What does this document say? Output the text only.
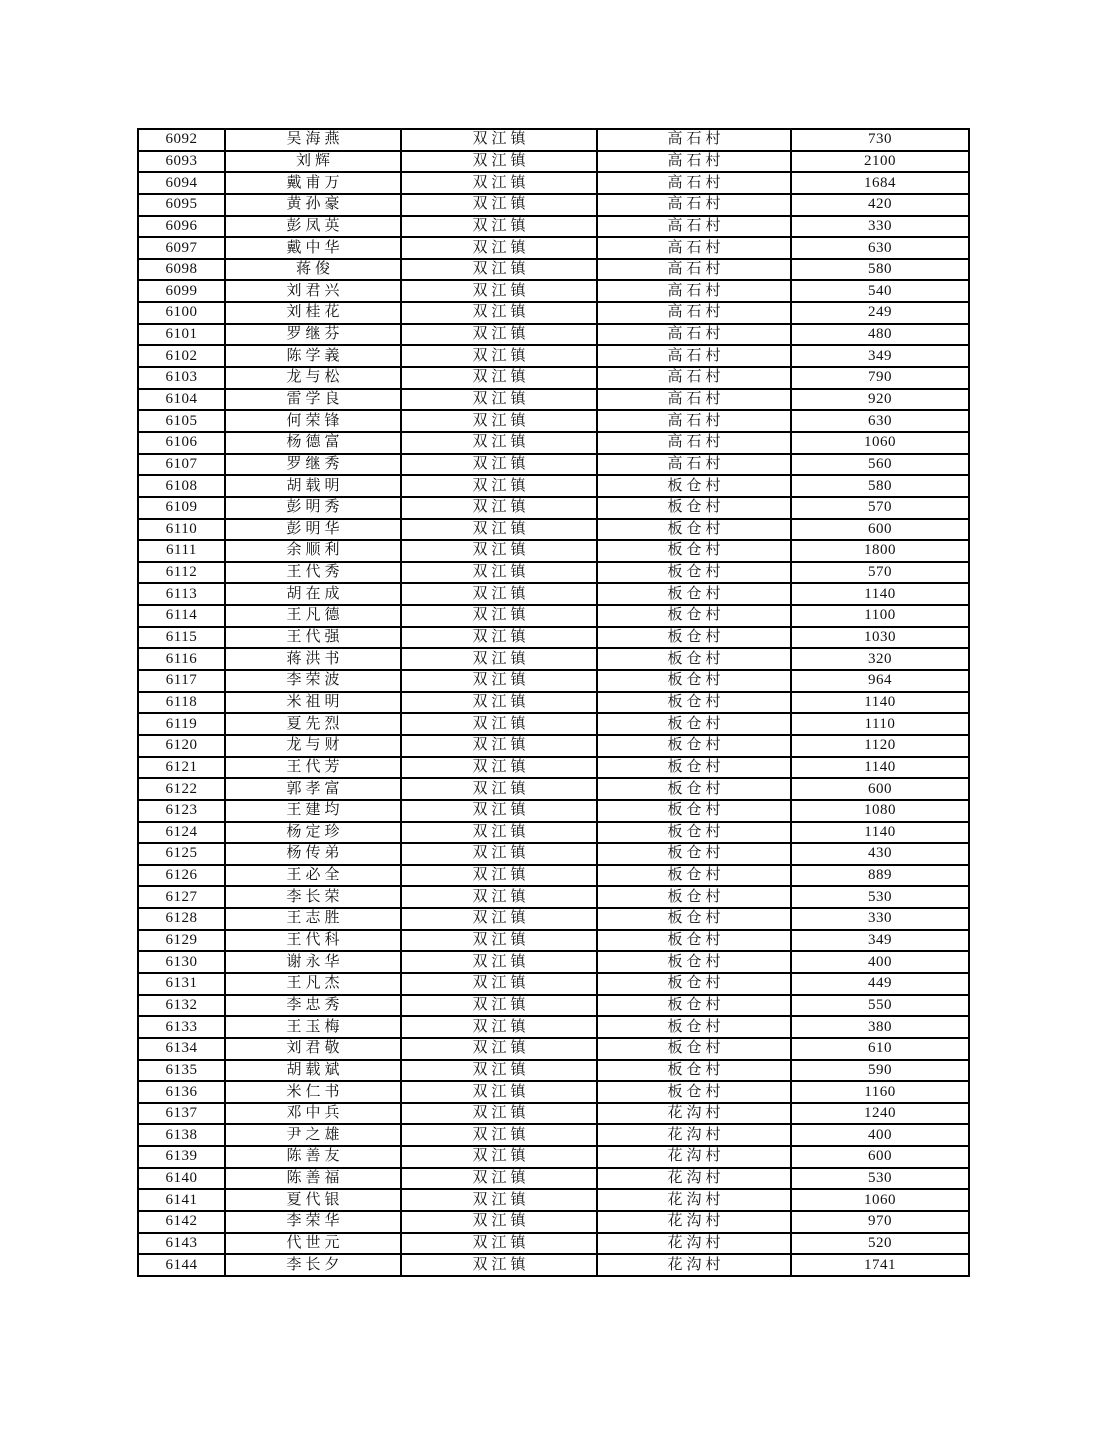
6092	吴海燕	双江镇	高石村	730
6093	刘辉	双江镇	高石村	2100
6094	戴甫万	双江镇	高石村	1684
6095	黄孙豪	双江镇	高石村	420
6096	彭凤英	双江镇	高石村	330
6097	戴中华	双江镇	高石村	630
6098	蒋俊	双江镇	高石村	580
6099	刘君兴	双江镇	高石村	540
6100	刘桂花	双江镇	高石村	249
6101	罗继芬	双江镇	高石村	480
6102	陈学義	双江镇	高石村	349
6103	龙与松	双江镇	高石村	790
6104	雷学良	双江镇	高石村	920
6105	何荣锋	双江镇	高石村	630
6106	杨德富	双江镇	高石村	1060
6107	罗继秀	双江镇	高石村	560
6108	胡载明	双江镇	板仓村	580
6109	彭明秀	双江镇	板仓村	570
6110	彭明华	双江镇	板仓村	600
6111	余顺利	双江镇	板仓村	1800
6112	王代秀	双江镇	板仓村	570
6113	胡在成	双江镇	板仓村	1140
6114	王凡德	双江镇	板仓村	1100
6115	王代强	双江镇	板仓村	1030
6116	蒋洪书	双江镇	板仓村	320
6117	李荣波	双江镇	板仓村	964
6118	米祖明	双江镇	板仓村	1140
6119	夏先烈	双江镇	板仓村	1110
6120	龙与财	双江镇	板仓村	1120
6121	王代芳	双江镇	板仓村	1140
6122	郭孝富	双江镇	板仓村	600
6123	王建均	双江镇	板仓村	1080
6124	杨定珍	双江镇	板仓村	1140
6125	杨传弟	双江镇	板仓村	430
6126	王必全	双江镇	板仓村	889
6127	李长荣	双江镇	板仓村	530
6128	王志胜	双江镇	板仓村	330
6129	王代科	双江镇	板仓村	349
6130	谢永华	双江镇	板仓村	400
6131	王凡杰	双江镇	板仓村	449
6132	李忠秀	双江镇	板仓村	550
6133	王玉梅	双江镇	板仓村	380
6134	刘君敬	双江镇	板仓村	610
6135	胡载斌	双江镇	板仓村	590
6136	米仁书	双江镇	板仓村	1160
6137	邓中兵	双江镇	花沟村	1240
6138	尹之雄	双江镇	花沟村	400
6139	陈善友	双江镇	花沟村	600
6140	陈善福	双江镇	花沟村	530
6141	夏代银	双江镇	花沟村	1060
6142	李荣华	双江镇	花沟村	970
6143	代世元	双江镇	花沟村	520
6144	李长夕	双江镇	花沟村	1741
